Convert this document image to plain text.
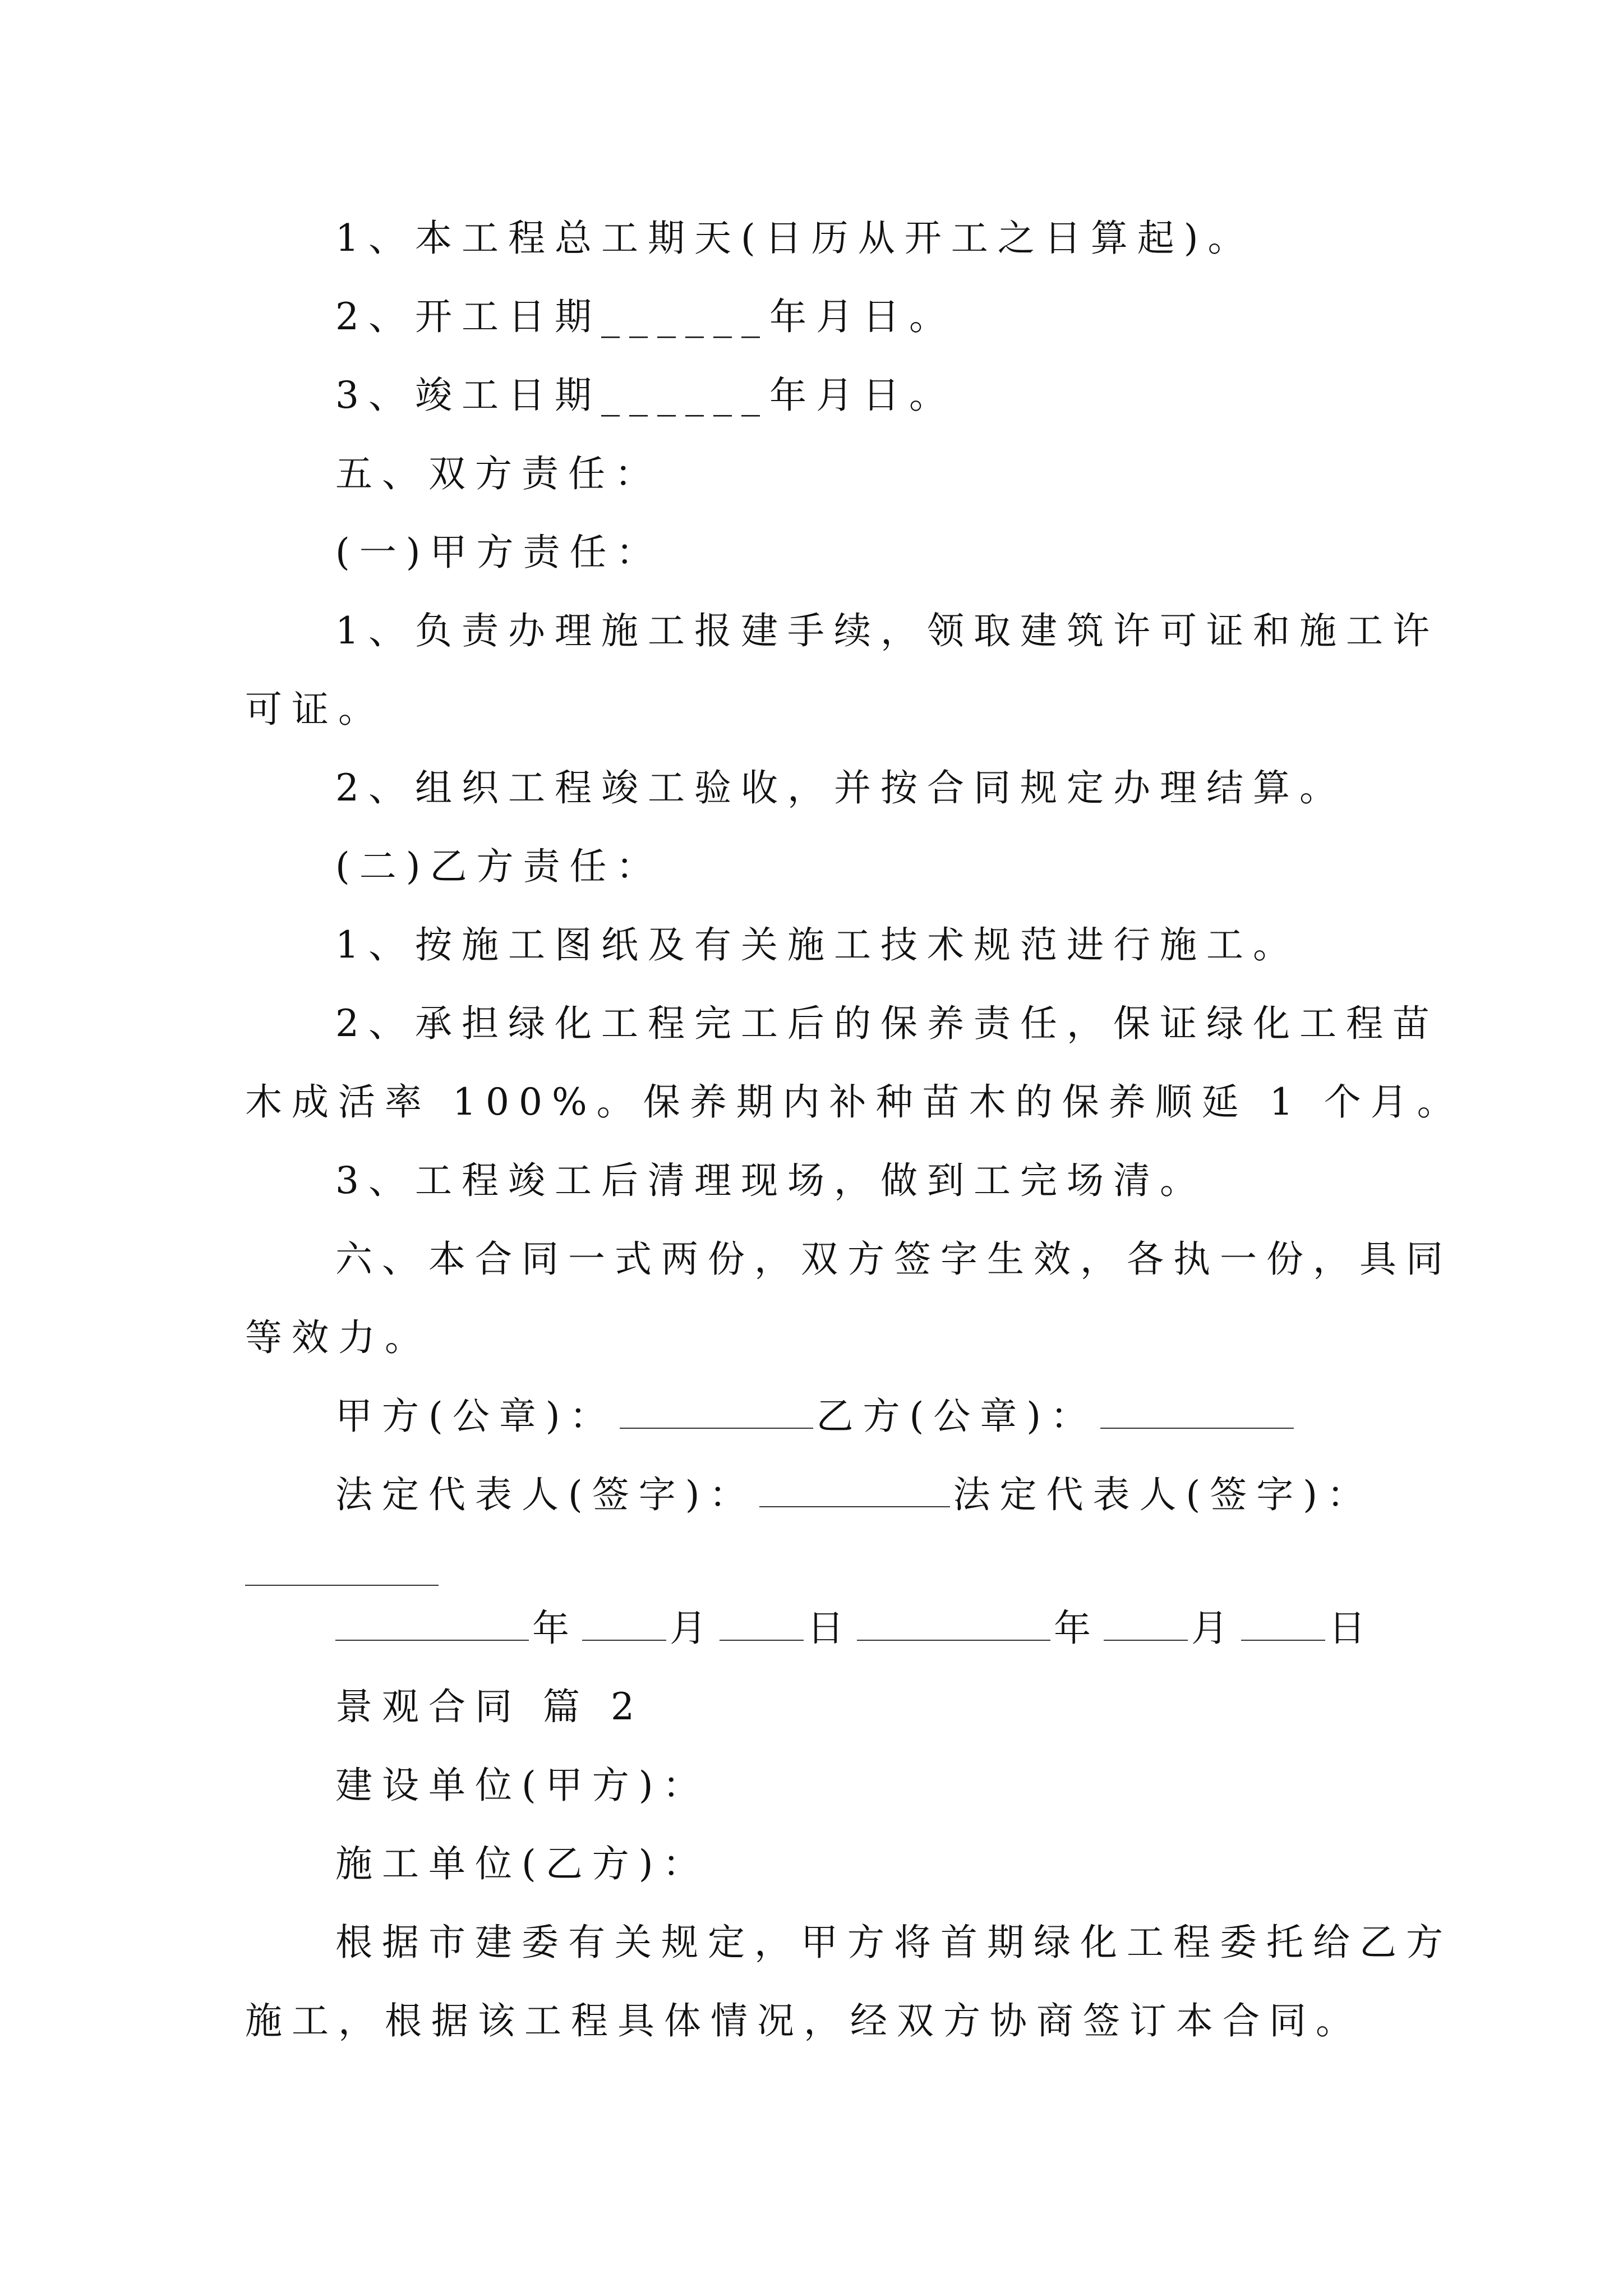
1、本工程总工期天(日历从开工之日算起)。
2、开工日期______年月日。
3、竣工日期______年月日。
五、双方责任：
(一)甲方责任：
1、负责办理施工报建手续，领取建筑许可证和施工许
可证。
2、组织工程竣工验收，并按合同规定办理结算。
(二)乙方责任：
1、按施工图纸及有关施工技术规范进行施工。
2、承担绿化工程完工后的保养责任，保证绿化工程苗
木成活率 100%。保养期内补种苗木的保养顺延 1 个月。
3、工程竣工后清理现场，做到工完场清。
六、本合同一式两份，双方签字生效，各执一份，具同
等效力。
甲方(公章)：	乙方(公章)：
法定代表人(签字)：	法定代表人(签字)：
年 月 日	年 月 日
景观合同 篇 2
建设单位(甲方)：
施工单位(乙方)：
根据市建委有关规定，甲方将首期绿化工程委托给乙方
施工，根据该工程具体情况，经双方协商签订本合同。
